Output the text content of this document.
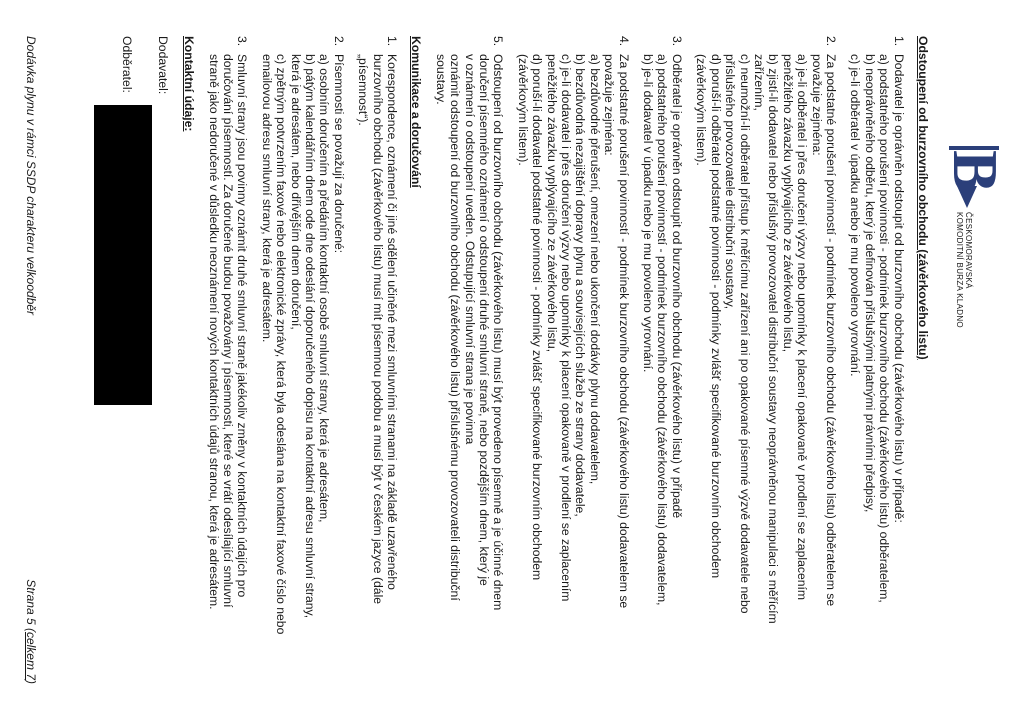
B
ČESKOMORAVSKÁ
KOMODITNÍ BURZA KLADNO
Odstoupení od burzovního obchodu (závěrkového listu)
1.
Dodavatel je oprávněn odstoupit od burzovního obchodu (závěrkového listu) v případě:
a) podstatného porušení povinnosti - podmínek burzovního obchodu (závěrkového listu) odběratelem,
b) neoprávněného odběru, který je definován příslušnými platnými právními předpisy,
c) je-li odběratel v úpadku anebo je mu povoleno vyrovnání.
2.
Za podstatné porušení povinností - podmínek burzovního obchodu (závěrkového listu) odběratelem se
považuje zejména:
a) je-li odběratel i přes doručení výzvy nebo upomínky k placení opakovaně v prodlení se zaplacením
peněžitého závazku vyplývajícího ze závěrkového listu,
b) zjistí-li dodavatel nebo příslušný provozovatel distribuční soustavy neoprávněnou manipulaci s měřícím
zařízením,
c) neumožní-li odběratel přístup k měřícímu zařízení ani po opakované písemné výzvě dodavatele nebo
příslušného provozovatele distribuční soustavy,
d) poruší-li odběratel podstatné povinnosti - podmínky zvlášť specifikované burzovním obchodem
(závěrkovým listem).
3.
Odběratel je oprávněn odstoupit od burzovního obchodu (závěrkového listu) v případě
a) podstatného porušení povinností - podmínek burzovního obchodu (závěrkového listu) dodavatelem,
b) je-li dodavatel v úpadku nebo je mu povoleno vyrovnání.
4.
Za podstatné porušení povinností - podmínek burzovního obchodu (závěrkového listu) dodavatelem se
považuje zejména:
a) bezdůvodné přerušení, omezení nebo ukončení dodávky plynu dodavatelem,
b) bezdůvodná nezajištění dopravy plynu a souvisejících služeb ze strany dodavatele,
c) je-li dodavatel i přes doručení výzvy nebo upomínky k placení opakovaně v prodlení se zaplacením
peněžitého závazku vyplývajícího ze závěrkového listu,
d) poruší-li dodavatel podstatné povinnosti - podmínky zvlášť specifikované burzovním obchodem
(závěrkovým listem).
5.
Odstoupení od burzovního obchodu (závěrkového listu) musí být provedeno písemně a je účinné dnem
doručení písemného oznámení o odstoupení druhé smluvní straně, nebo pozdějším dnem, který je
v oznámení o odstoupení uveden. Odstupující smluvní strana je povinna
oznámit odstoupení od burzovního obchodu (závěrkového listu) příslušnému provozovateli distribuční
soustavy.
Komunikace a doručování
1.
Korespondence, oznámení či jiné sdělení učiněné mezi smluvními stranami na základě uzavřeného
burzovního obchodu (závěrkového listu) musí mít písemnou podobu a musí být v českém jazyce (dále
„písemnost“).
2.
Písemnosti se považují za doručené:
a) osobním doručením a předáním kontaktní osobě smluvní strany, která je adresátem,
b) pátým kalendářním dnem ode dne odeslání doporučeného dopisu na kontaktní adresu smluvní strany,
která je adresátem, nebo dřívějším dnem doručení,
c) zpětným potvrzením faxové nebo elektronické zprávy, která byla odeslána na kontaktní faxové číslo nebo
emailovou adresu smluvní strany, která je adresátem.
3.
Smluvní strany jsou povinny oznámit druhé smluvní straně jakékoliv změny v kontaktních údajích pro
doručování písemností. Za doručené budou považovány i písemnosti, které se vrátí odesílající smluvní
straně jako nedoručené v důsledku neoznámení nových kontaktních údajů stranou, která je adresátem.
Kontaktní údaje:
Dodavatel:
Odběratel:
Dodávka plynu v rámci SSDP charakteru velkoodběr
Strana 5 (celkem 7)
